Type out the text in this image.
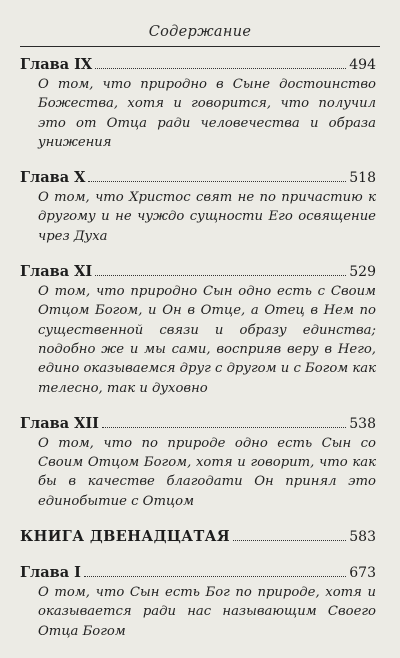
Содержание
Глава IX	494
О том, что природно в Сыне достоинство Божества, хотя и говорится, что получил это от Отца ради человечества и образа унижения
Глава X	518
О том, что Христос свят не по причастию к другому и не чуждо сущности Его освящение чрез Духа
Глава XI	529
О том, что природно Сын одно есть с Своим Отцом Богом, и Он в Отце, а Отец в Нем по существенной связи и образу единства; подобно же и мы сами, восприяв веру в Него, едино оказываемся друг с другом и с Богом как телесно, так и духовно
Глава XII	538
О том, что по природе одно есть Сын со Своим Отцом Богом, хотя и говорит, что как бы в качестве благодати Он принял это единобытие с Отцом
КНИГА ДВЕНАДЦАТАЯ	583
Глава I	673
О том, что Сын есть Бог по природе, хотя и оказывается ради нас называющим Своего Отца Богом
